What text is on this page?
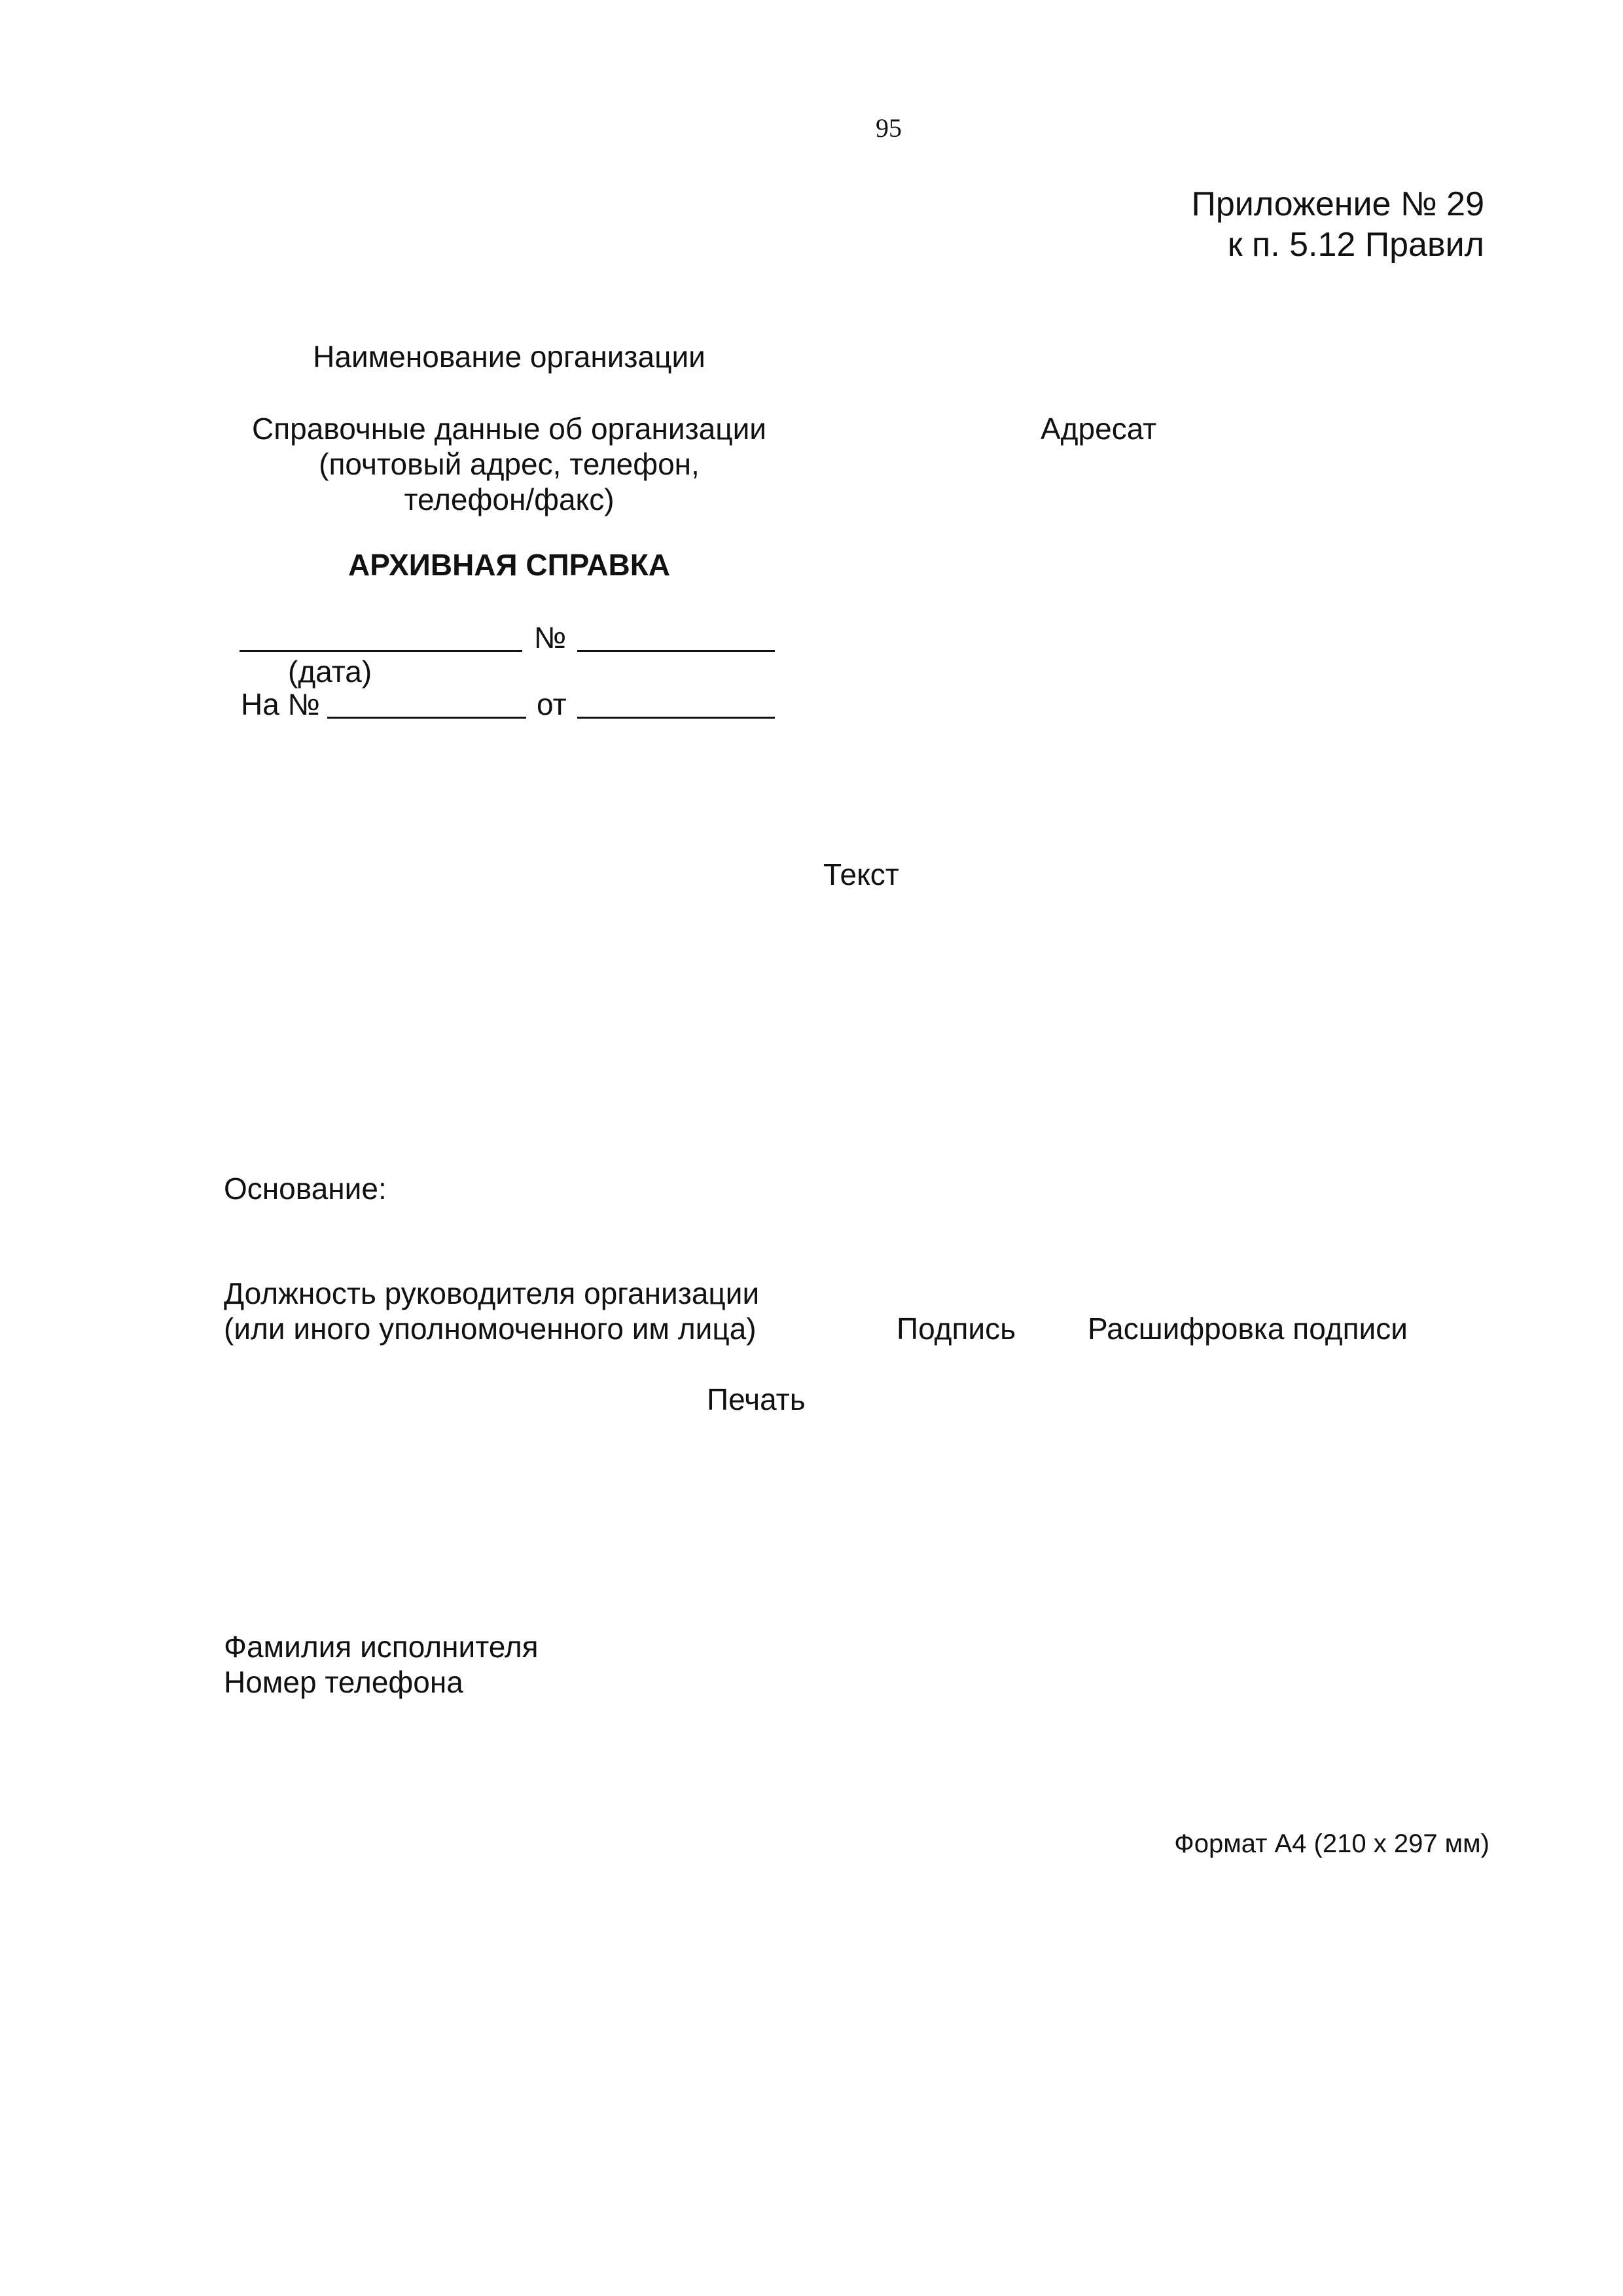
95
Приложение № 29
к п. 5.12 Правил
Наименование организации
Справочные данные об организации
(почтовый адрес, телефон,
телефон/факс)
Адресат
АРХИВНАЯ СПРАВКА
№
(дата)
На №	от
Текст
Основание:
Должность руководителя организации
(или иного уполномоченного им лица)	Подпись Расшифровка подписи
Печать
Фамилия исполнителя
Номер телефона
Формат А4 (210 х 297 мм)
